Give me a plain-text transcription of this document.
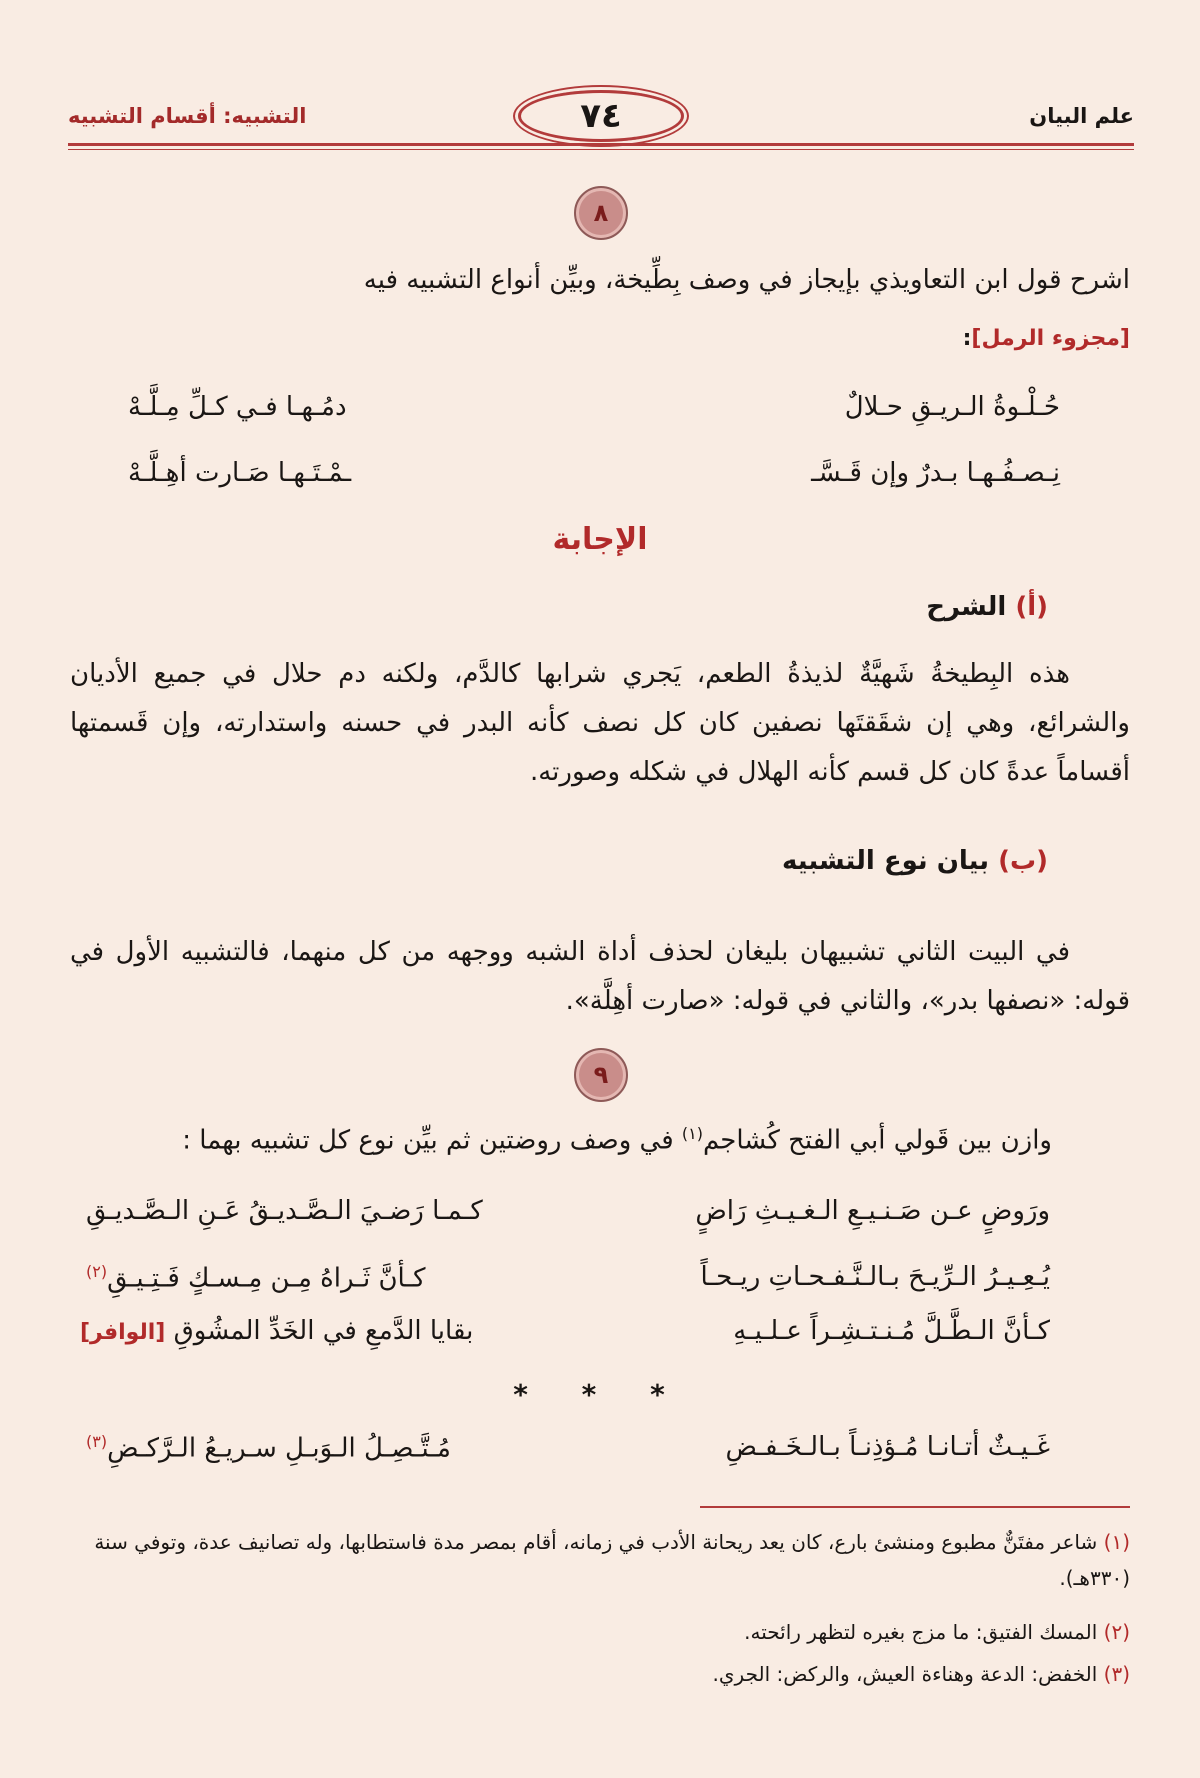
علم البيان
٧٤
التشبيه: أقسام التشبيه
٨
اشرح قول ابن التعاويذي بإيجاز في وصف بِطِّيخة، وبيِّن أنواع التشبيه فيه
[مجزوء الرمل]:
حُـلْـوةُ الـريـقِ حـلالٌ
دمُـهـا فـي كـلِّ مِـلَّـهْ
نِـصـفُـهـا بـدرٌ وإن قَـسَّـ
ـمْـتَـهـا صَـارت أهِـلَّـهْ
الإجابة
(أ) الشرح
هذه البِطيخةُ شَهيَّةٌ لذيذةُ الطعم، يَجري شرابها كالدَّم، ولكنه دم حلال في جميع الأديان والشرائع، وهي إن شقَقتَها نصفين كان كل نصف كأنه البدر في حسنه واستدارته، وإن قَسمتها أقساماً عدةً كان كل قسم كأنه الهلال في شكله وصورته.
(ب) بيان نوع التشبيه
في البيت الثاني تشبيهان بليغان لحذف أداة الشبه ووجهه من كل منهما، فالتشبيه الأول في قوله: «نصفها بدر»، والثاني في قوله: «صارت أهِلَّة».
٩
وازن بين قَولي أبي الفتح كُشاجم$^{(١)}$ في وصف روضتين ثم بيِّن نوع كل تشبيه بهما :
ورَوضٍ عـن صَـنـيـعِ الـغـيـثِ رَاضٍ
كـمـا رَضـيَ الـصَّـديـقُ عَـنِ الـصَّـديـقِ
يُـعِـيـرُ الـرِّيـحَ بـالـنَّـفـحـاتِ ريـحـاً
كـأنَّ ثَـراهُ مِـن مِـسـكٍ فَـتِـيـقِ$^{(٢)}$
كـأنَّ الـطَّـلَّ مُـنـتـشِـراً عـلـيـهِ
بقايا الدَّمعِ في الخَدِّ المشُوقِ [الوافر]
* * *
غَـيـثٌ أتـانـا مُـؤذِنـاً بـالـخَـفـضِ
مُـتَّـصِـلُ الـوَبـلِ سـريـعُ الـرَّكـضِ$^{(٣)}$
(١) شاعر مفتَنٌّ مطبوع ومنشئ بارع، كان يعد ريحانة الأدب في زمانه، أقام بمصر مدة فاستطابها، وله تصانيف عدة، وتوفي سنة (٣٣٠هـ).
(٢) المسك الفتيق: ما مزج بغيره لتظهر رائحته.
(٣) الخفض: الدعة وهناءة العيش، والركض: الجري.
